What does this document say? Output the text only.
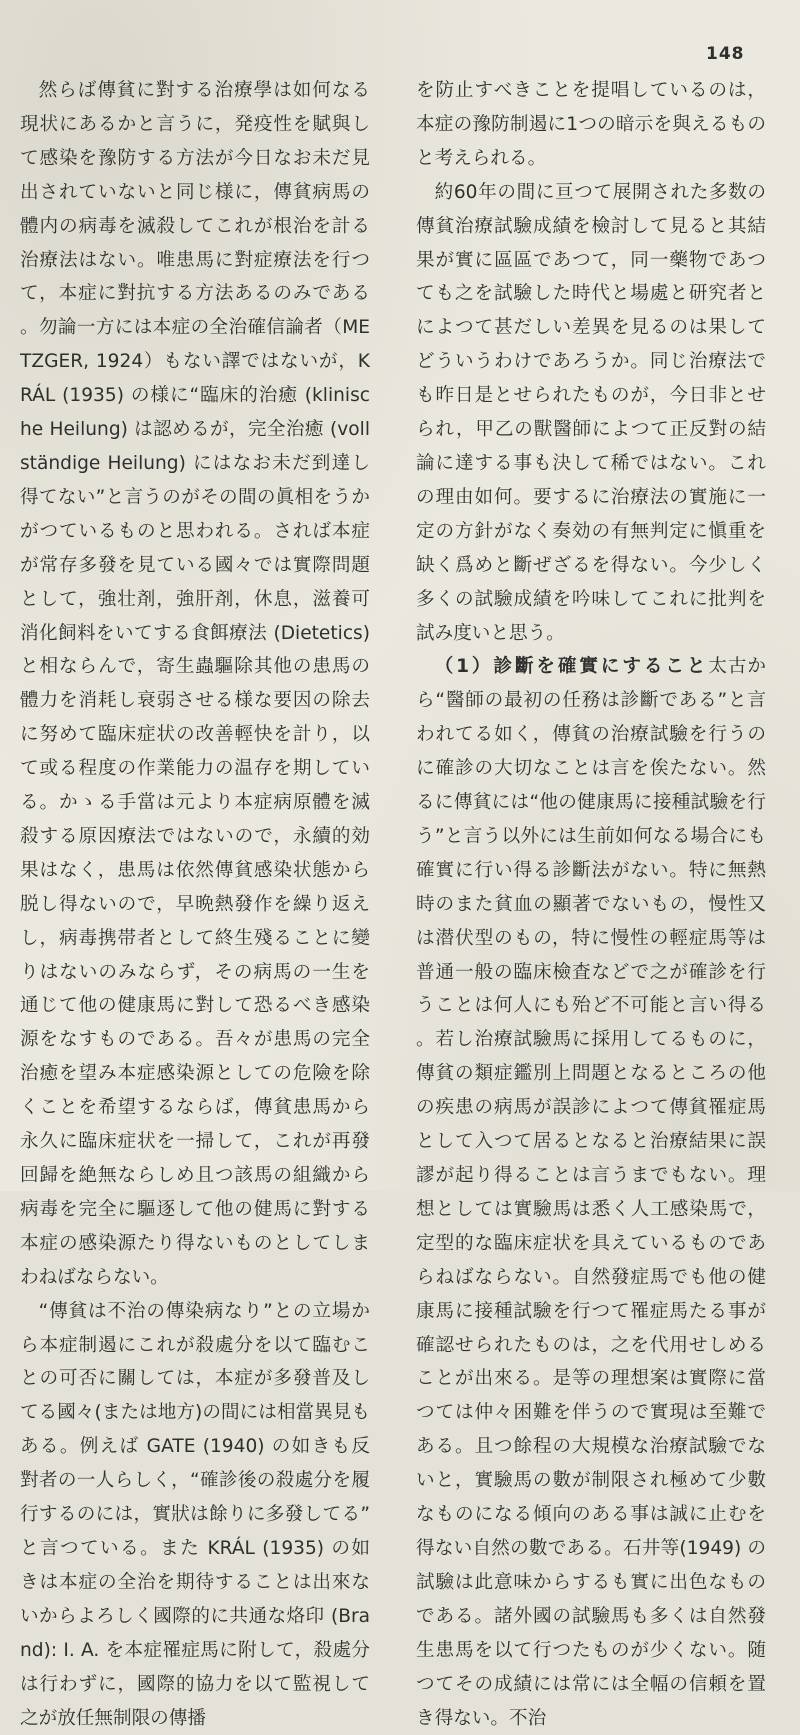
148

然らば傳貧に對する治療學は如何なる現状にあるかと言うに，発疫性を賦與して感染を豫防する方法が今日なお未だ見出されていないと同じ様に，傳貧病馬の體内の病毒を滅殺してこれが根治を計る治療法はない。唯患馬に對症療法を行つて，本症に對抗する方法あるのみである。勿論一方には本症の全治確信論者（METZGER, 1924）もない譯ではないが，KRÁL (1935) の様に“臨床的治癒 (klinische Heilung) は認めるが，完全治癒 (vollständige Heilung) にはなお未だ到達し得てない”と言うのがその間の眞相をうかがつているものと思われる。されば本症が常存多發を見ている國々では實際問題として，強壮剤，強肝剤，休息，滋養可消化飼料をいてする食餌療法 (Dietetics) と相ならんで，寄生蟲驅除其他の患馬の體力を消耗し衰弱させる様な要因の除去に努めて臨床症状の改善輕快を計り，以て或る程度の作業能力の温存を期している。かゝる手當は元より本症病原體を滅殺する原因療法ではないので，永續的効果はなく，患馬は依然傳貧感染状態から脱し得ないので，早晩熱發作を繰り返えし，病毒携帯者として終生殘ることに變りはないのみならず，その病馬の一生を通じて他の健康馬に對して恐るべき感染源をなすものである。吾々が患馬の完全治癒を望み本症感染源としての危險を除くことを希望するならば，傳貧患馬から永久に臨床症状を一掃して，これが再發回歸を絶無ならしめ且つ該馬の組織から病毒を完全に驅逐して他の健馬に對する本症の感染源たり得ないものとしてしまわねばならない。

“傳貧は不治の傳染病なり”との立場から本症制遏にこれが殺處分を以て臨むことの可否に關しては，本症が多發普及してる國々(または地方)の間には相當異見もある。例えば GATE (1940) の如きも反對者の一人らしく，“確診後の殺處分を履行するのには，實狀は餘りに多發してる”と言つている。また KRÁL (1935) の如きは本症の全治を期待することは出來ないからよろしく國際的に共通な烙印 (Brand): I. A. を本症罹症馬に附して，殺處分は行わずに，國際的協力を以て監視して之が放任無制限の傳播

を防止すべきことを提唱しているのは，本症の豫防制遏に1つの暗示を與えるものと考えられる。

約60年の間に亘つて展開された多数の傳貧治療試驗成績を檢討して見ると其結果が實に區區であつて，同一藥物であつても之を試驗した時代と場處と研究者とによつて甚だしい差異を見るのは果してどういうわけであろうか。同じ治療法でも昨日是とせられたものが，今日非とせられ，甲乙の獸醫師によつて正反對の結論に達する事も決して稀ではない。これの理由如何。要するに治療法の實施に一定の方針がなく奏効の有無判定に愼重を缺く爲めと斷ぜざるを得ない。今少しく多くの試驗成績を吟味してこれに批判を試み度いと思う。

（1）診斷を確實にすること太古から“醫師の最初の任務は診斷である”と言われてる如く，傳貧の治療試驗を行うのに確診の大切なことは言を俟たない。然るに傳貧には“他の健康馬に接種試驗を行う”と言う以外には生前如何なる場合にも確實に行い得る診斷法がない。特に無熱時のまた貧血の顯著でないもの，慢性又は潜伏型のもの，特に慢性の輕症馬等は普通一般の臨床檢査などで之が確診を行うことは何人にも殆ど不可能と言い得る。若し治療試驗馬に採用してるものに，傳貧の類症鑑別上問題となるところの他の疾患の病馬が誤診によつて傳貧罹症馬として入つて居るとなると治療結果に誤謬が起り得ることは言うまでもない。理想としては實驗馬は悉く人工感染馬で，定型的な臨床症状を具えているものであらねばならない。自然發症馬でも他の健康馬に接種試驗を行つて罹症馬たる事が確認せられたものは，之を代用せしめることが出來る。是等の理想案は實際に當つては仲々困難を伴うので實現は至難である。且つ餘程の大規模な治療試驗でないと，實驗馬の數が制限され極めて少數なものになる傾向のある事は誠に止むを得ない自然の數である。石井等(1949) の試驗は此意味からするも實に出色なものである。諸外國の試驗馬も多くは自然發生患馬を以て行つたものが少くない。随つてその成績には常には全幅の信頼を置き得ない。不治
